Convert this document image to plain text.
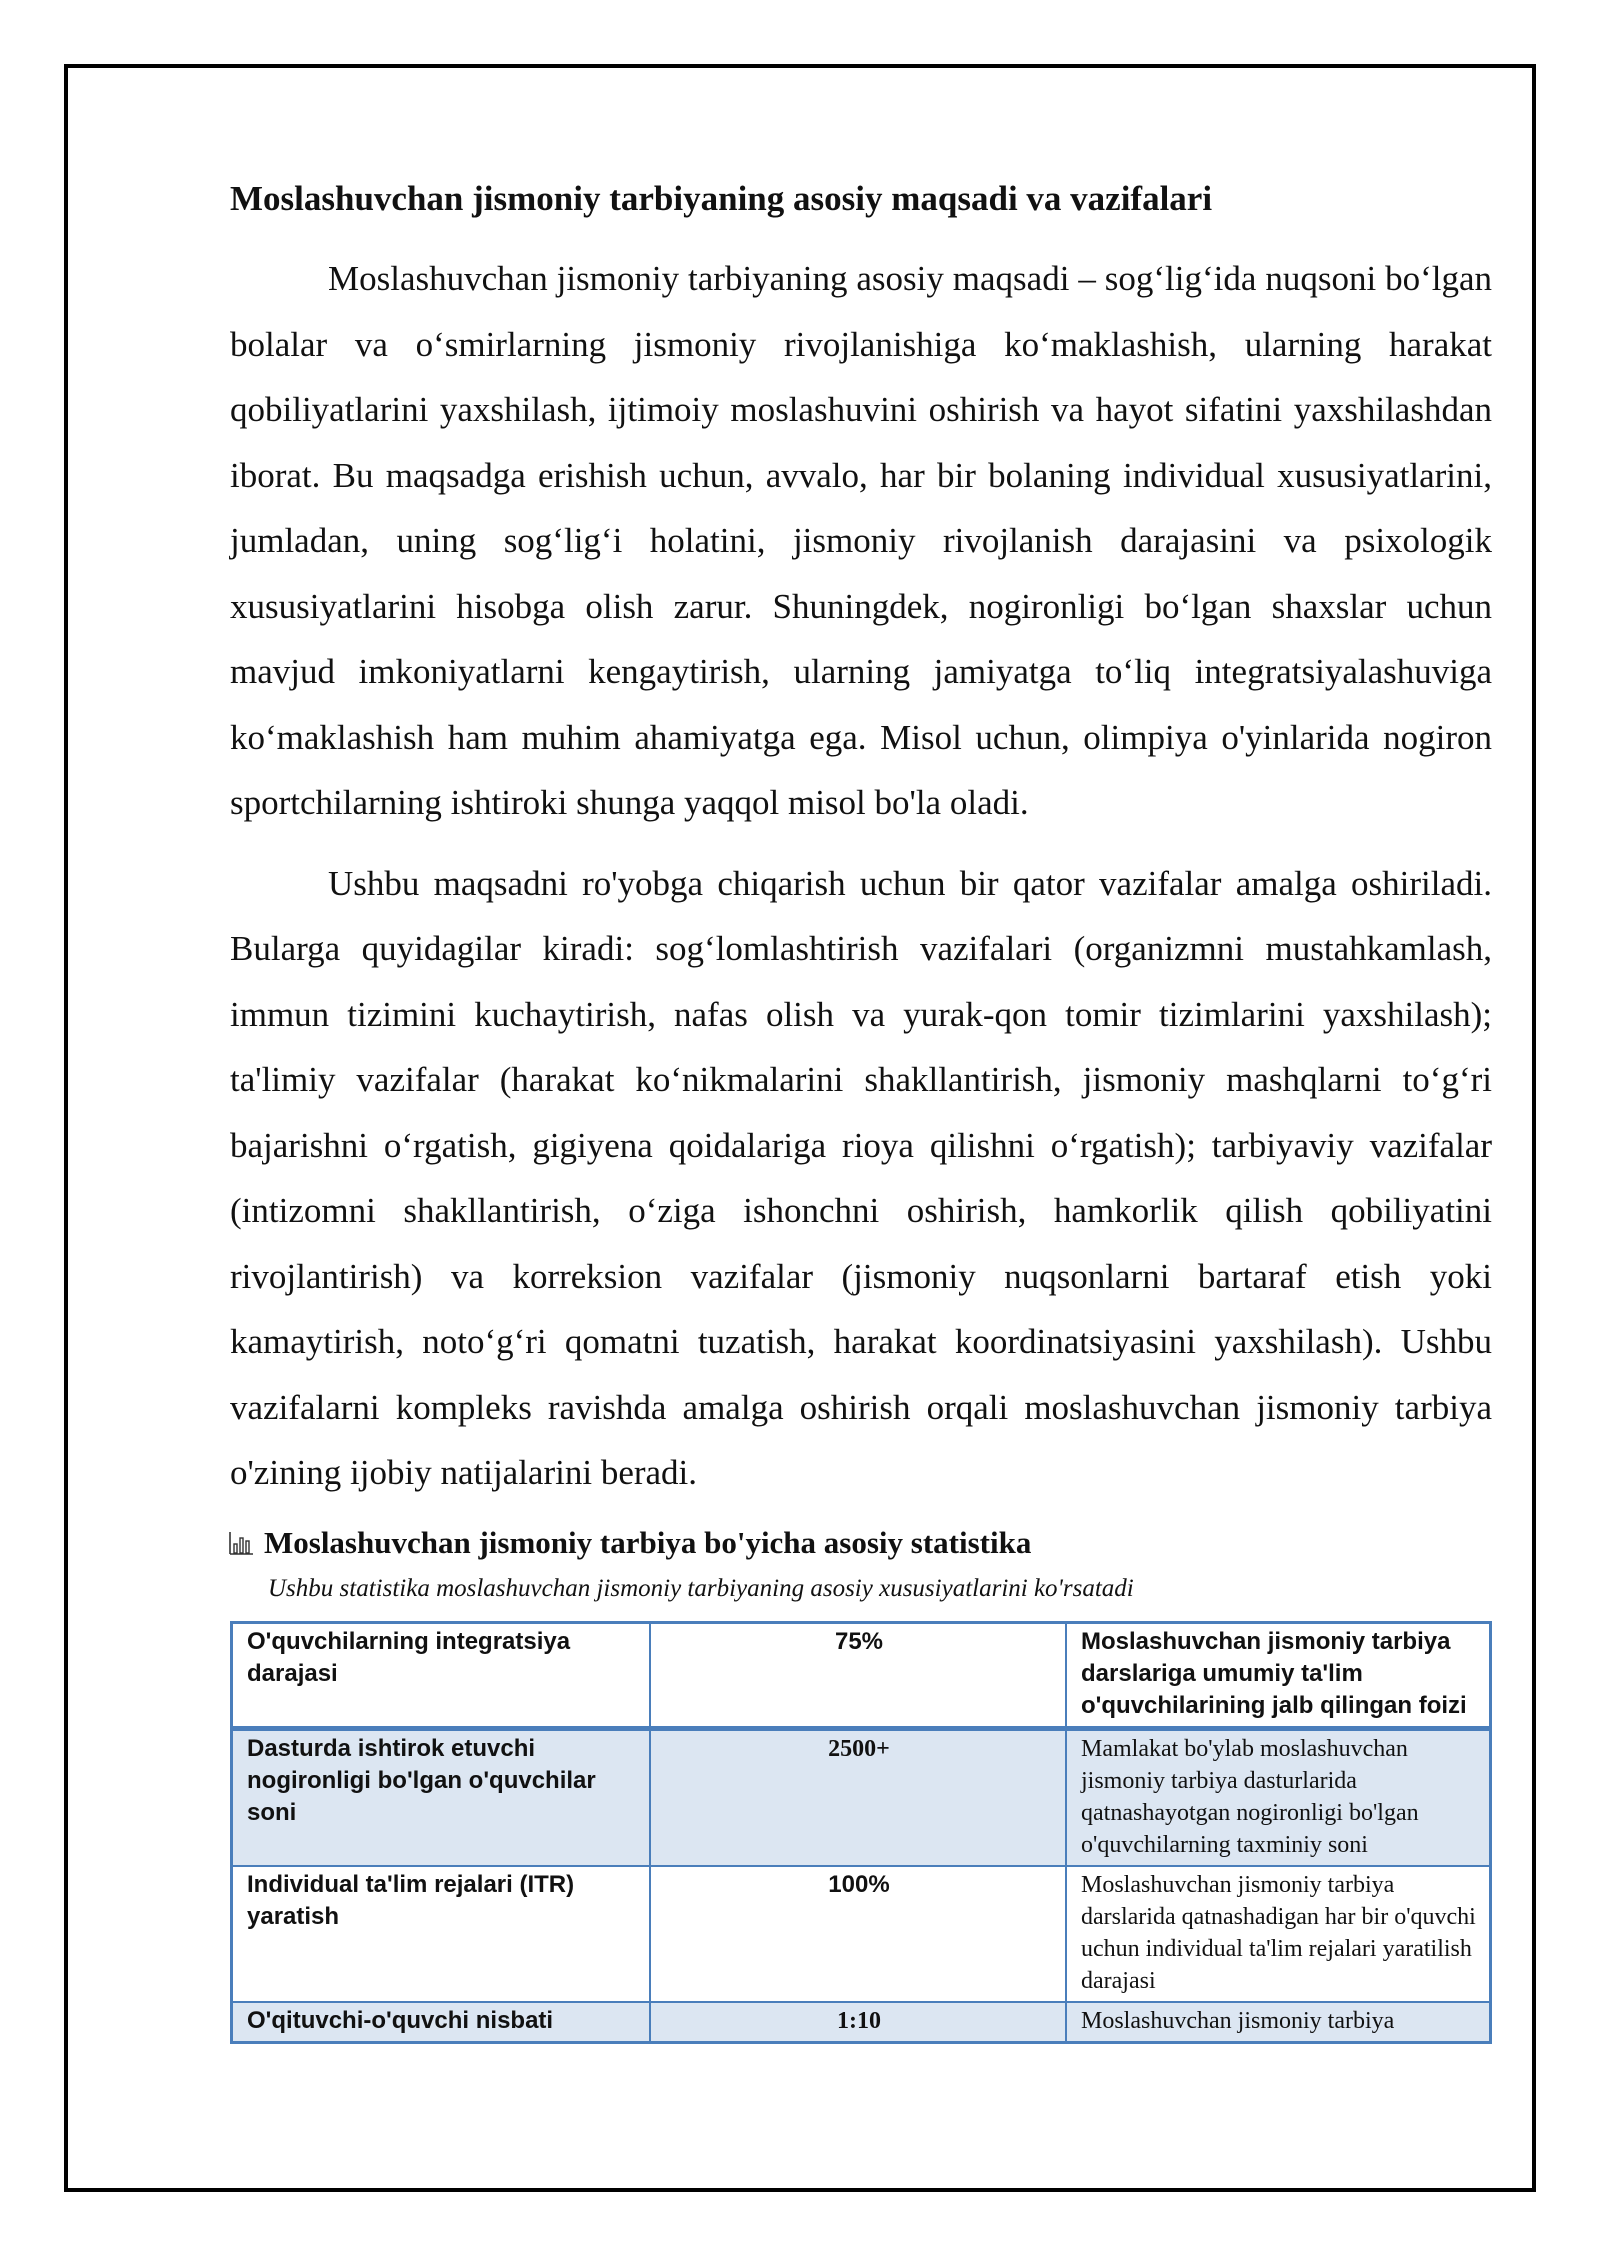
Moslashuvchan jismoniy tarbiyaning asosiy maqsadi va vazifalari

Moslashuvchan jismoniy tarbiyaning asosiy maqsadi – sog‘lig‘ida nuqsoni bo‘lgan bolalar va o‘smirlarning jismoniy rivojlanishiga ko‘maklashish, ularning harakat qobiliyatlarini yaxshilash, ijtimoiy moslashuvini oshirish va hayot sifatini yaxshilashdan iborat. Bu maqsadga erishish uchun, avvalo, har bir bolaning individual xususiyatlarini, jumladan, uning sog‘lig‘i holatini, jismoniy rivojlanish darajasini va psixologik xususiyatlarini hisobga olish zarur. Shuningdek, nogironligi bo‘lgan shaxslar uchun mavjud imkoniyatlarni kengaytirish, ularning jamiyatga to‘liq integratsiyalashuviga ko‘maklashish ham muhim ahamiyatga ega. Misol uchun, olimpiya o'yinlarida nogiron sportchilarning ishtiroki shunga yaqqol misol bo'la oladi.

Ushbu maqsadni ro'yobga chiqarish uchun bir qator vazifalar amalga oshiriladi. Bularga quyidagilar kiradi: sog‘lomlashtirish vazifalari (organizmni mustahkamlash, immun tizimini kuchaytirish, nafas olish va yurak-qon tomir tizimlarini yaxshilash); ta'limiy vazifalar (harakat ko‘nikmalarini shakllantirish, jismoniy mashqlarni to‘g‘ri bajarishni o‘rgatish, gigiyena qoidalariga rioya qilishni o‘rgatish); tarbiyaviy vazifalar (intizomni shakllantirish, o‘ziga ishonchni oshirish, hamkorlik qilish qobiliyatini rivojlantirish) va korreksion vazifalar (jismoniy nuqsonlarni bartaraf etish yoki kamaytirish, noto‘g‘ri qomatni tuzatish, harakat koordinatsiyasini yaxshilash). Ushbu vazifalarni kompleks ravishda amalga oshirish orqali moslashuvchan jismoniy tarbiya o'zining ijobiy natijalarini beradi.

Moslashuvchan jismoniy tarbiya bo'yicha asosiy statistika
Ushbu statistika moslashuvchan jismoniy tarbiyaning asosiy xususiyatlarini ko'rsatadi
O'quvchilarning integratsiya darajasi	75%	Moslashuvchan jismoniy tarbiya darslariga umumiy ta'lim o'quvchilarining jalb qilingan foizi
Dasturda ishtirok etuvchi nogironligi bo'lgan o'quvchilar soni	2500+	Mamlakat bo'ylab moslashuvchan jismoniy tarbiya dasturlarida qatnashayotgan nogironligi bo'lgan o'quvchilarning taxminiy soni
Individual ta'lim rejalari (ITR) yaratish	100%	Moslashuvchan jismoniy tarbiya darslarida qatnashadigan har bir o'quvchi uchun individual ta'lim rejalari yaratilish darajasi
O'qituvchi-o'quvchi nisbati	1:10	Moslashuvchan jismoniy tarbiya
